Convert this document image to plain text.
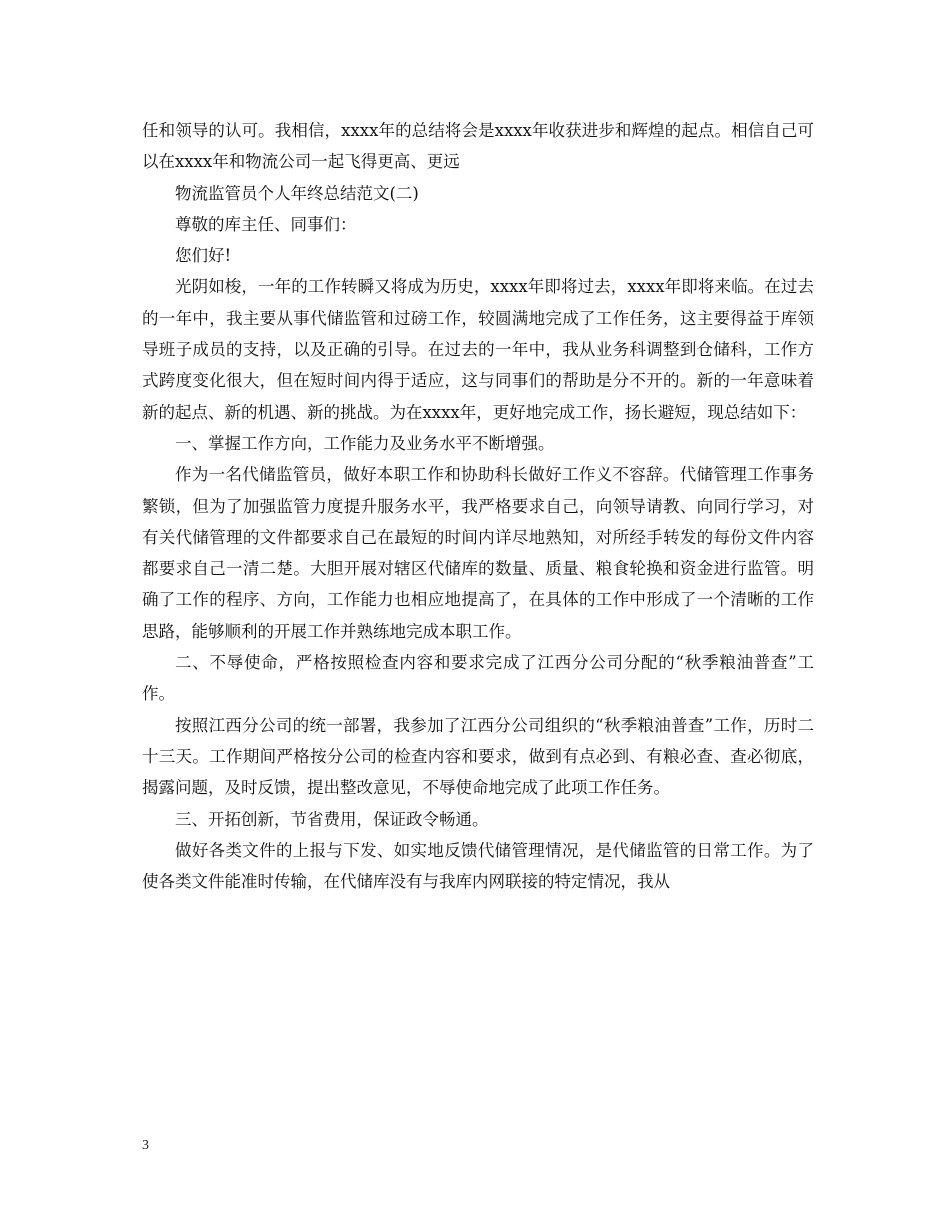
任和领导的认可。我相信，xxxx年的总结将会是xxxx年收获进步和辉煌的起点。相信自己可以在xxxx年和物流公司一起飞得更高、更远

物流监管员个人年终总结范文(二)

尊敬的库主任、同事们：

您们好!

光阴如梭，一年的工作转瞬又将成为历史，xxxx年即将过去，xxxx年即将来临。在过去的一年中，我主要从事代储监管和过磅工作，较圆满地完成了工作任务，这主要得益于库领导班子成员的支持，以及正确的引导。在过去的一年中，我从业务科调整到仓储科，工作方式跨度变化很大，但在短时间内得于适应，这与同事们的帮助是分不开的。新的一年意味着新的起点、新的机遇、新的挑战。为在xxxx年，更好地完成工作，扬长避短，现总结如下：

一、掌握工作方向，工作能力及业务水平不断增强。

作为一名代储监管员，做好本职工作和协助科长做好工作义不容辞。代储管理工作事务繁锁，但为了加强监管力度提升服务水平，我严格要求自己，向领导请教、向同行学习，对有关代储管理的文件都要求自己在最短的时间内详尽地熟知，对所经手转发的每份文件内容都要求自己一清二楚。大胆开展对辖区代储库的数量、质量、粮食轮换和资金进行监管。明确了工作的程序、方向，工作能力也相应地提高了，在具体的工作中形成了一个清晰的工作思路，能够顺利的开展工作并熟练地完成本职工作。

二、不辱使命，严格按照检查内容和要求完成了江西分公司分配的“秋季粮油普查”工作。

按照江西分公司的统一部署，我参加了江西分公司组织的“秋季粮油普查”工作，历时二十三天。工作期间严格按分公司的检查内容和要求，做到有点必到、有粮必查、查必彻底，揭露问题，及时反馈，提出整改意见，不辱使命地完成了此项工作任务。

三、开拓创新，节省费用，保证政令畅通。

做好各类文件的上报与下发、如实地反馈代储管理情况，是代储监管的日常工作。为了使各类文件能准时传输，在代储库没有与我库内网联接的特定情况，我从

3
